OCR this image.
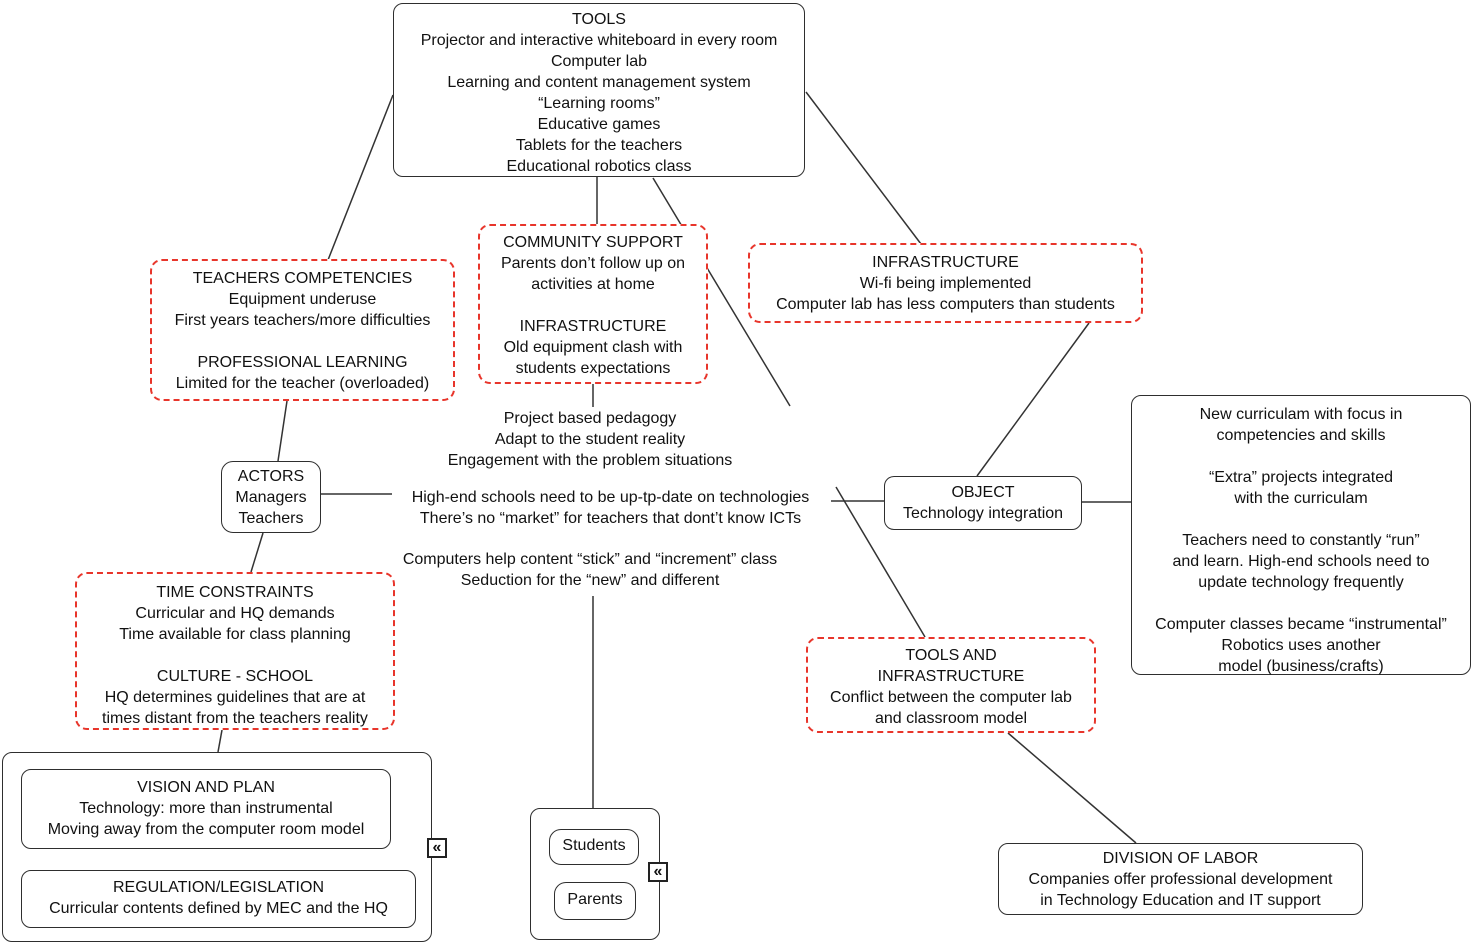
TOOLS
Projector and interactive whiteboard in every room
Computer lab
Learning and content management system
“Learning rooms”
Educative games
Tablets for the teachers
Educational robotics class
TEACHERS COMPETENCIES
Equipment underuse
First years teachers/more difficulties
PROFESSIONAL LEARNING
Limited for the teacher (overloaded)
COMMUNITY SUPPORT
Parents don’t follow up on
activities at home
INFRASTRUCTURE
Old equipment clash with
students expectations
INFRASTRUCTURE
Wi-fi being implemented
Computer lab has less computers than students
Project based pedagogy
Adapt to the student reality
Engagement with the problem situations
High-end schools need to be up-tp-date on technologies
There’s no “market” for teachers that dont’t know ICTs
Computers help content “stick” and “increment” class
Seduction for the “new” and different
ACTORS
Managers
Teachers
OBJECT
Technology integration
New curriculam with focus in
competencies and skills
“Extra” projects integrated
with the curriculam
Teachers need to constantly “run”
and learn. High-end schools need to
update technology frequently
Computer classes became “instrumental”
Robotics uses another
model (business/crafts)
TIME CONSTRAINTS
Curricular and HQ demands
Time available for class planning
CULTURE - SCHOOL
HQ determines guidelines that are at
times distant from the teachers reality
TOOLS AND
INFRASTRUCTURE
Conflict between the computer lab
and classroom model
VISION AND PLAN
Technology: more than instrumental
Moving away from the computer room model
REGULATION/LEGISLATION
Curricular contents defined by MEC and the HQ
«	Students
Parents
«
DIVISION OF LABOR
Companies offer professional development
in Technology Education and IT support
